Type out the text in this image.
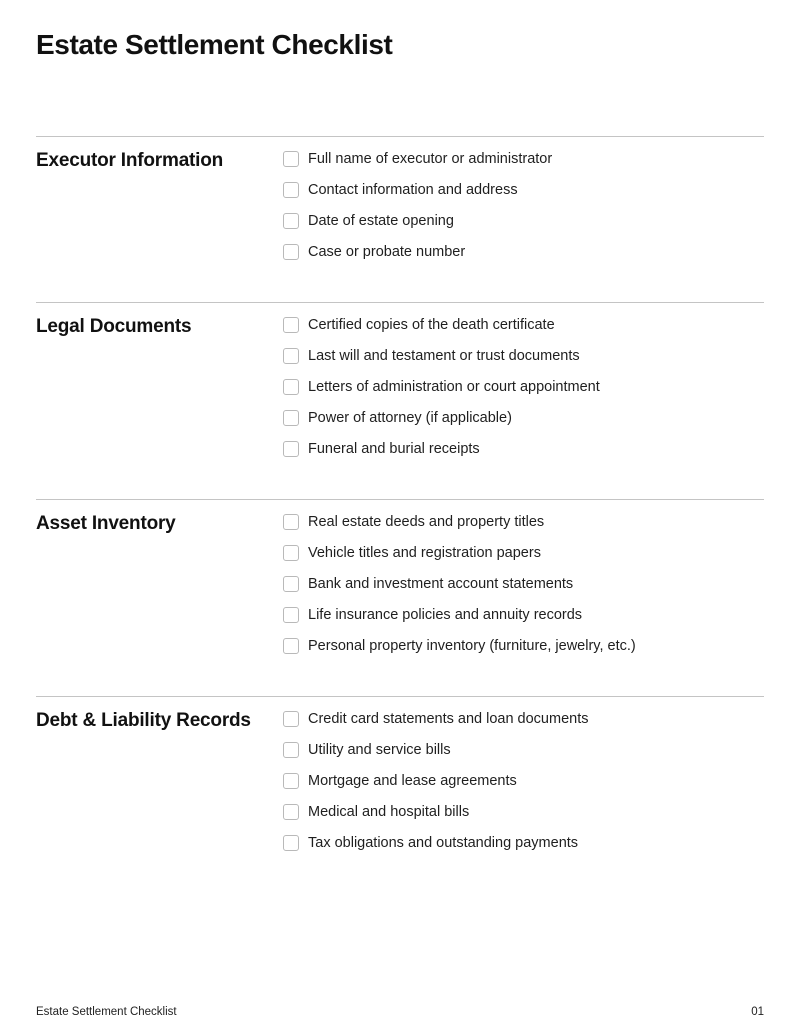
Estate Settlement Checklist
Executor Information	Full name of executor or administrator
Contact information and address
Date of estate opening
Case or probate number
Legal Documents	Certified copies of the death certificate
Last will and testament or trust documents
Letters of administration or court appointment
Power of attorney (if applicable)
Funeral and burial receipts
Asset Inventory	Real estate deeds and property titles
Vehicle titles and registration papers
Bank and investment account statements
Life insurance policies and annuity records
Personal property inventory (furniture, jewelry, etc.)
Debt & Liability Records	Credit card statements and loan documents
Utility and service bills
Mortgage and lease agreements
Medical and hospital bills
Tax obligations and outstanding payments
Estate Settlement Checklist	01
